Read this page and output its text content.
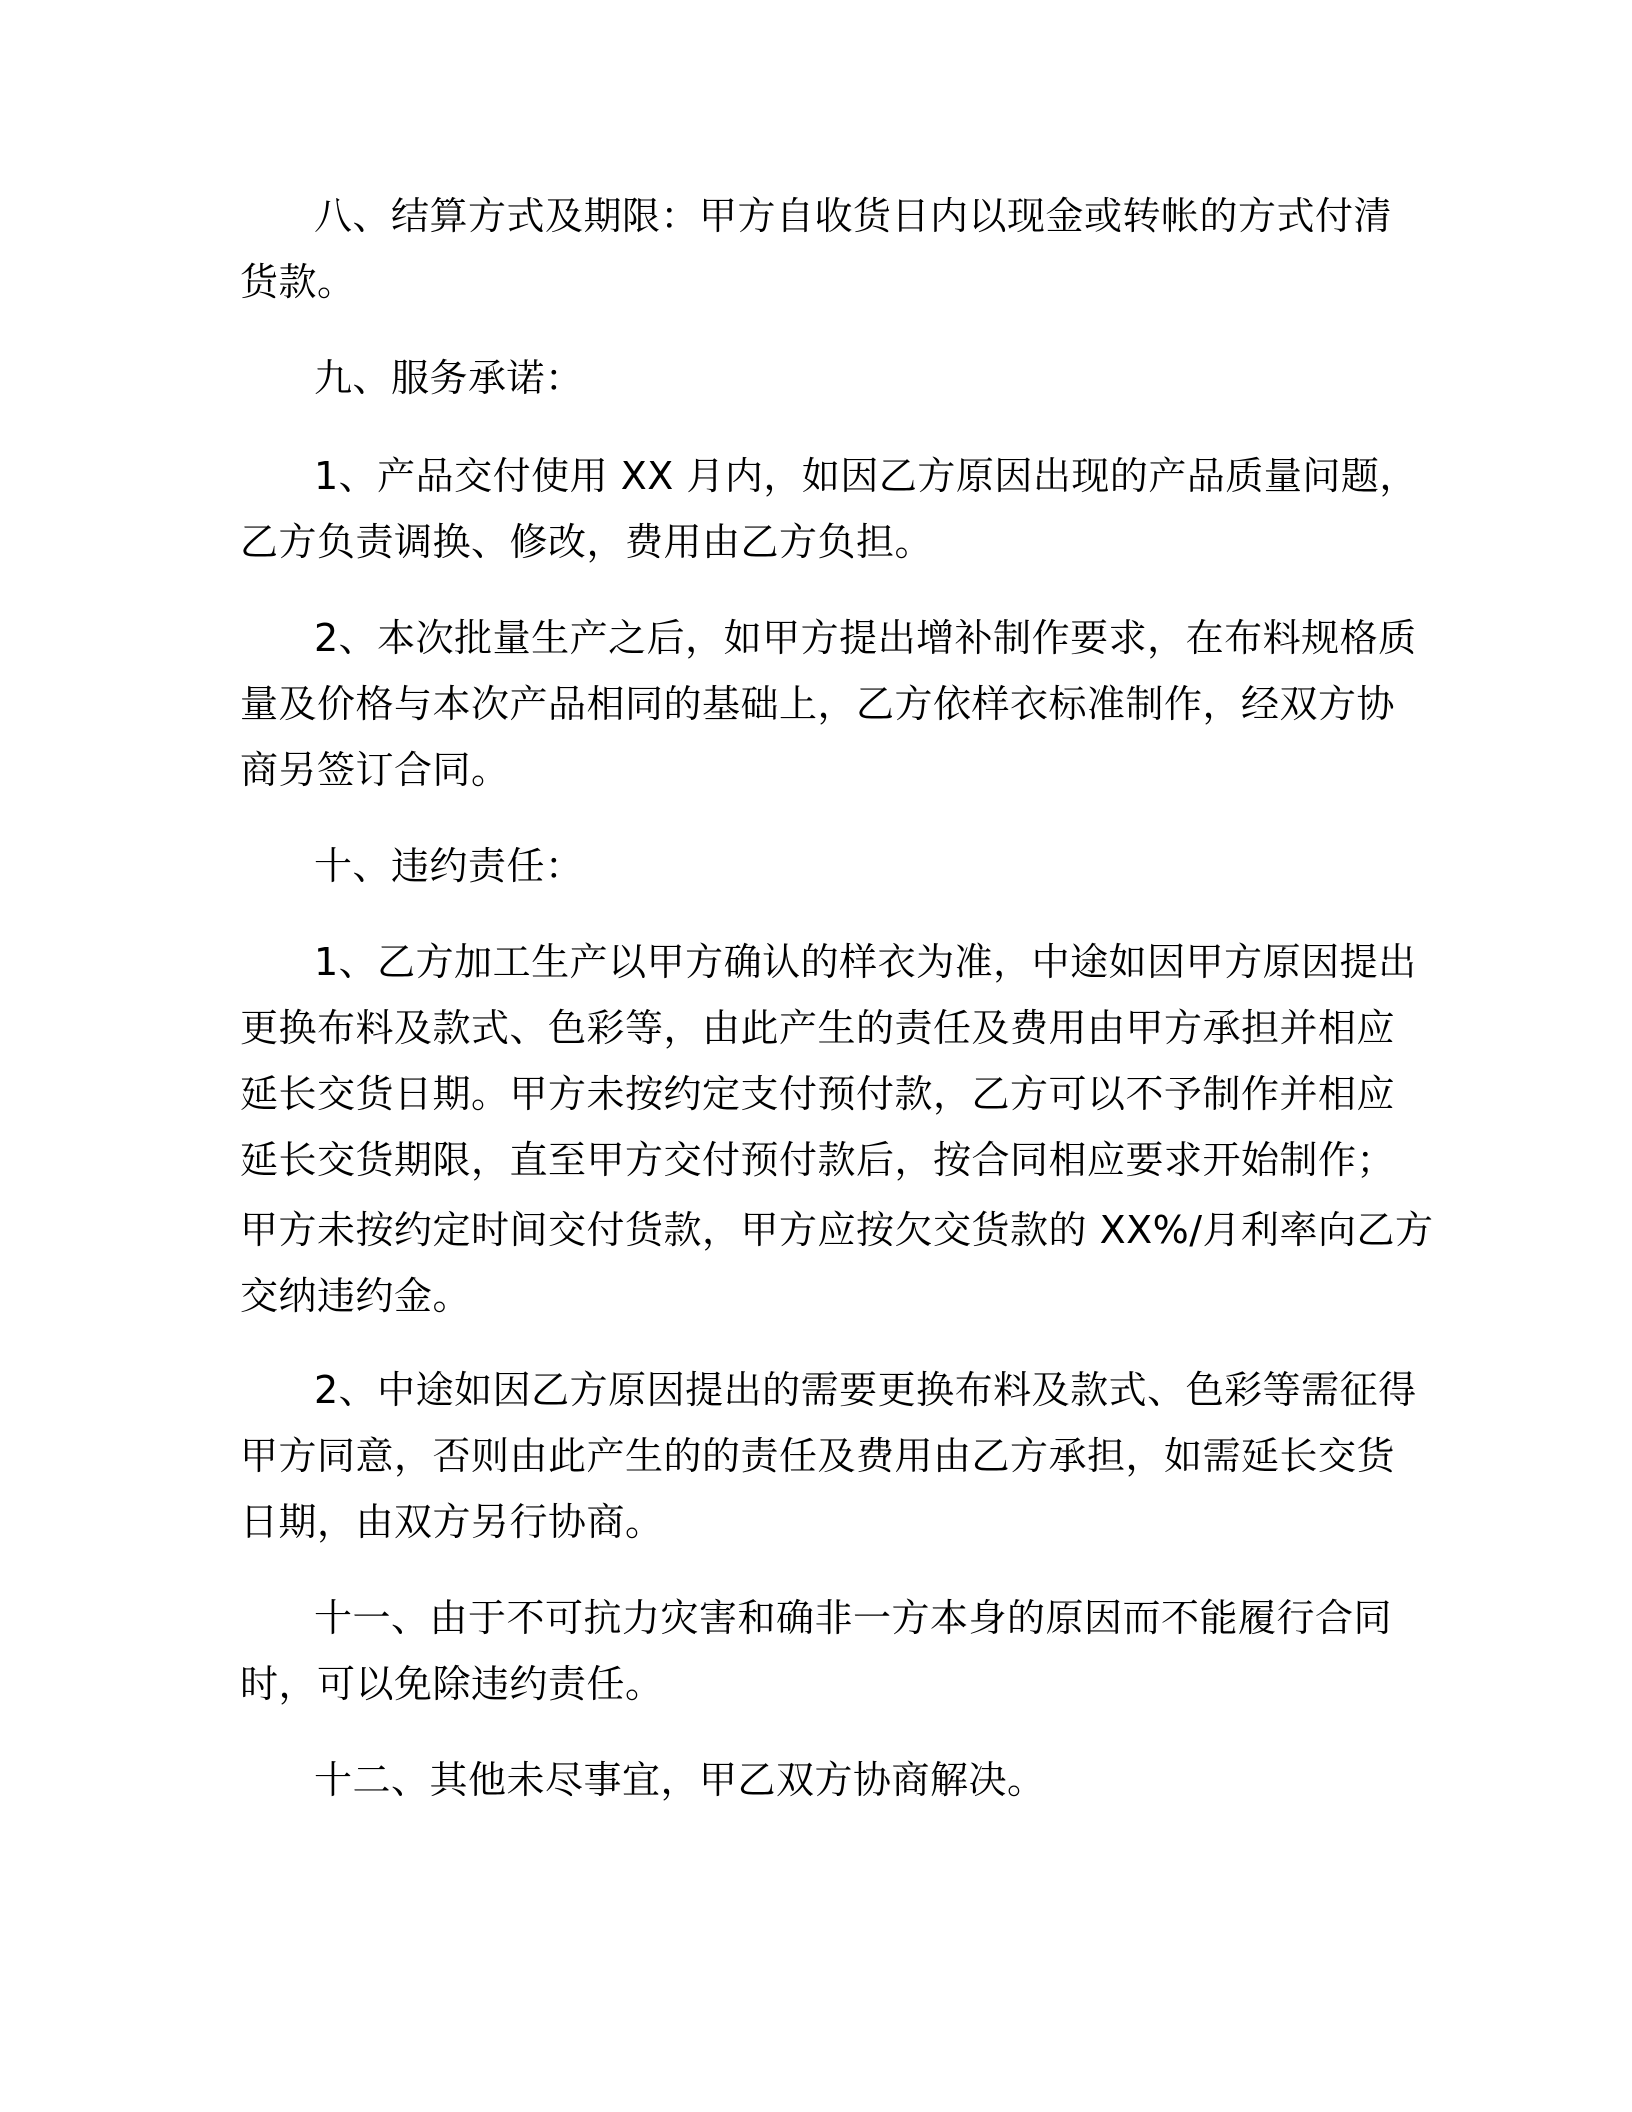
八、结算方式及期限：甲方自收货日内以现金或转帐的方式付清
货款。
九、服务承诺：
1、产品交付使用 XX 月内，如因乙方原因出现的产品质量问题，
乙方负责调换、修改，费用由乙方负担。
2、本次批量生产之后，如甲方提出增补制作要求，在布料规格质
量及价格与本次产品相同的基础上，乙方依样衣标准制作，经双方协
商另签订合同。
十、违约责任：
1、乙方加工生产以甲方确认的样衣为准，中途如因甲方原因提出
更换布料及款式、色彩等，由此产生的责任及费用由甲方承担并相应
延长交货日期。甲方未按约定支付预付款，乙方可以不予制作并相应
延长交货期限，直至甲方交付预付款后，按合同相应要求开始制作；
甲方未按约定时间交付货款，甲方应按欠交货款的 XX%/月利率向乙方
交纳违约金。
2、中途如因乙方原因提出的需要更换布料及款式、色彩等需征得
甲方同意，否则由此产生的的责任及费用由乙方承担，如需延长交货
日期，由双方另行协商。
十一、由于不可抗力灾害和确非一方本身的原因而不能履行合同
时，可以免除违约责任。
十二、其他未尽事宜，甲乙双方协商解决。
